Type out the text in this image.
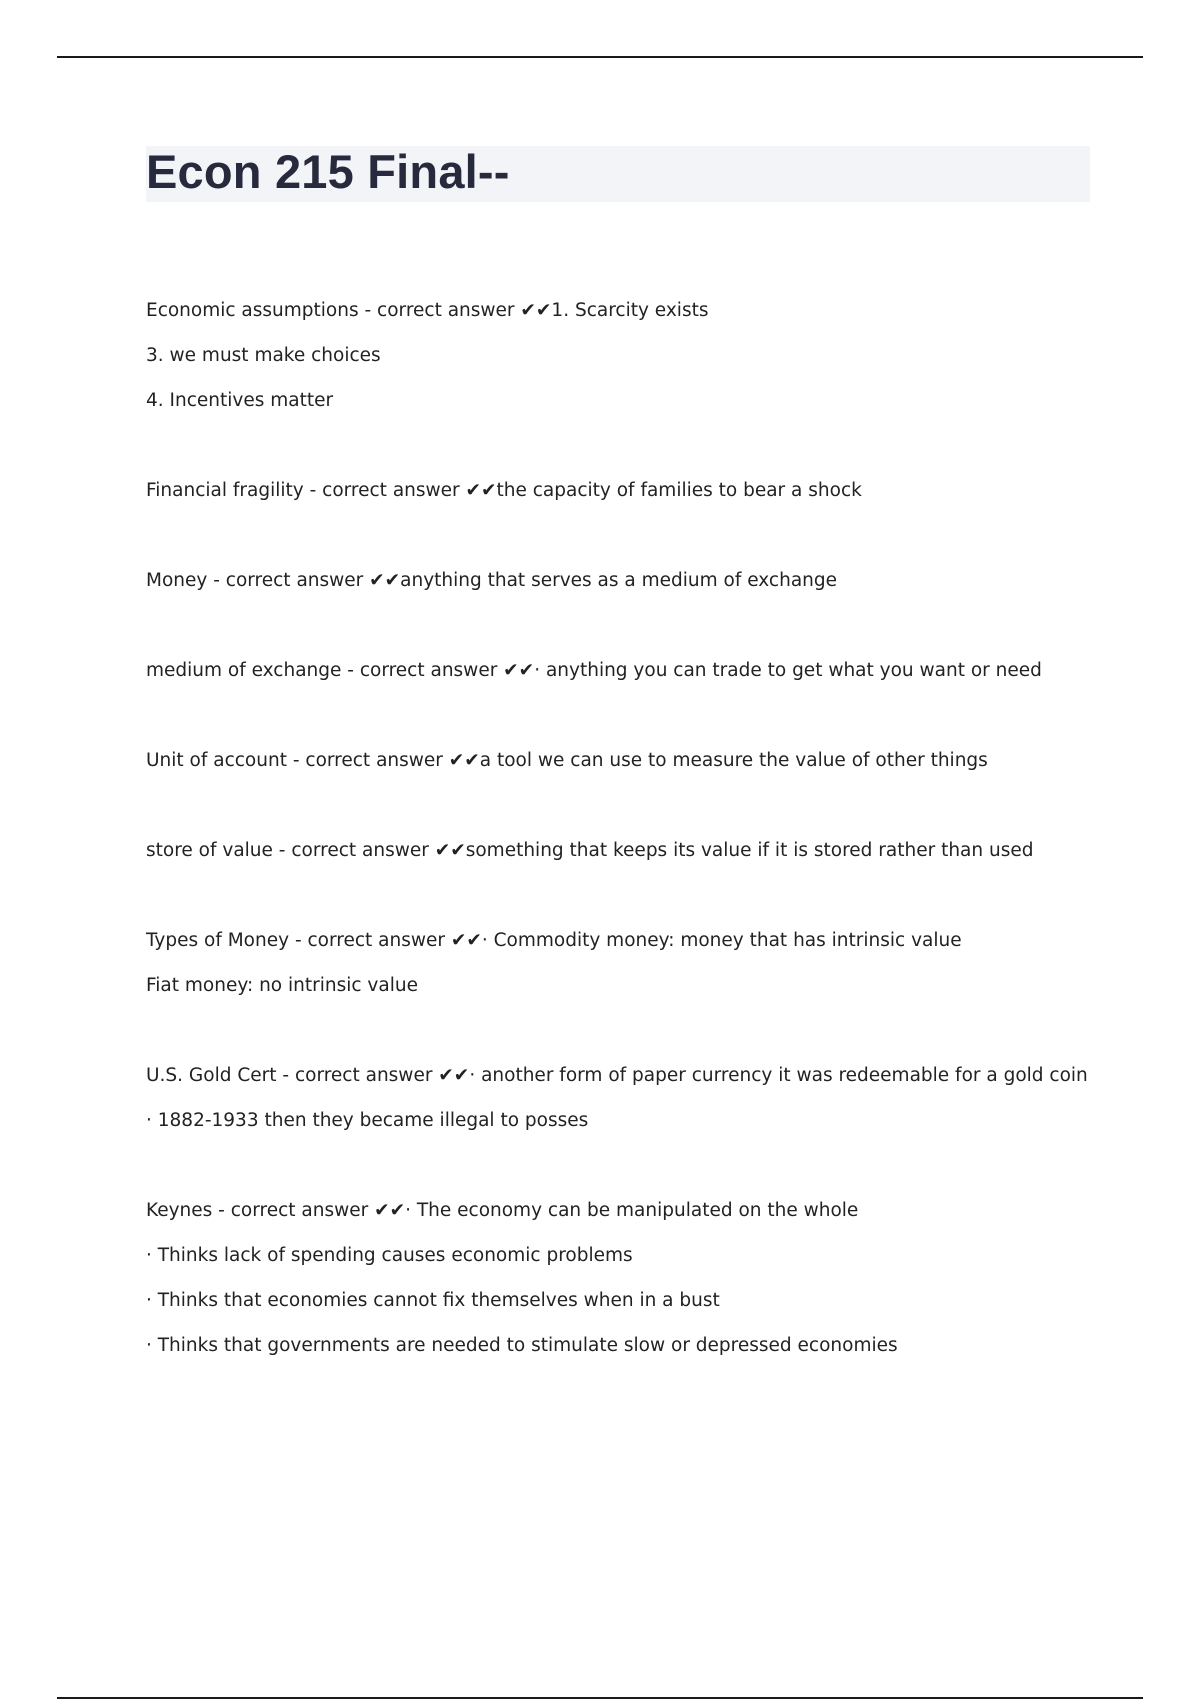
Econ 215 Final--
Economic assumptions - correct answer ✔✔1. Scarcity exists
3. we must make choices
4. Incentives matter
Financial fragility - correct answer ✔✔the capacity of families to bear a shock
Money - correct answer ✔✔anything that serves as a medium of exchange
medium of exchange - correct answer ✔✔· anything you can trade to get what you want or need
Unit of account - correct answer ✔✔a tool we can use to measure the value of other things
store of value - correct answer ✔✔something that keeps its value if it is stored rather than used
Types of Money - correct answer ✔✔· Commodity money: money that has intrinsic value
Fiat money: no intrinsic value
U.S. Gold Cert - correct answer ✔✔· another form of paper currency it was redeemable for a gold coin
· 1882-1933 then they became illegal to posses
Keynes - correct answer ✔✔· The economy can be manipulated on the whole
· Thinks lack of spending causes economic problems
· Thinks that economies cannot fix themselves when in a bust
· Thinks that governments are needed to stimulate slow or depressed economies
